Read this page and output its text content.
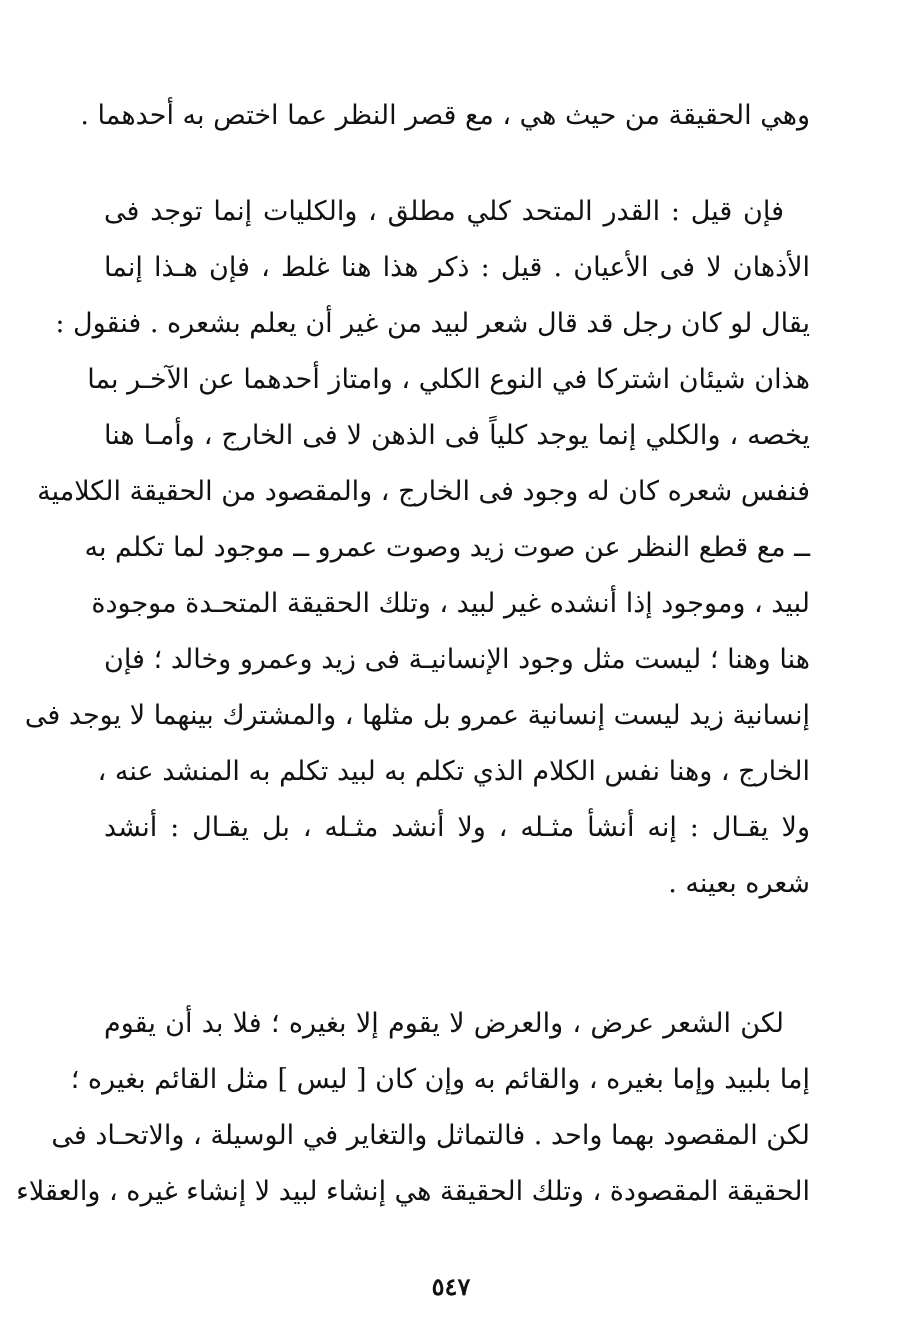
وهي الحقيقة من حيث هي ، مع قصر النظر عما اختص به أحدهما .
فإن قيل : القدر المتحد كلي مطلق ، والكليات إنما توجد فى
الأذهان لا فى الأعيان . قيل : ذكر هذا هنا غلط ، فإن هـذا إنما
يقال لو كان رجل قد قال شعر لبيد من غير أن يعلم بشعره . فنقول :
هذان شيئان اشتركا في النوع الكلي ، وامتاز أحدهما عن الآخـر بما
يخصه ، والكلي إنما يوجد كلياً فى الذهن لا فى الخارج ، وأمـا هنا
فنفس شعره كان له وجود فى الخارج ، والمقصود من الحقيقة الكلامية
ــ مع قطع النظر عن صوت زيد وصوت عمرو ــ موجود لما تكلم به
لبيد ، وموجود إذا أنشده غير لبيد ، وتلك الحقيقة المتحـدة موجودة
هنا وهنا ؛ ليست مثل وجود الإنسانيـة فى زيد وعمرو وخالد ؛ فإن
إنسانية زيد ليست إنسانية عمرو بل مثلها ، والمشترك بينهما لا يوجد فى
الخارج ، وهنا نفس الكلام الذي تكلم به لبيد تكلم به المنشد عنه ،
ولا يقـال : إنه أنشأ مثـله ، ولا أنشد مثـله ، بل يقـال : أنشد
شعره بعينه .
لكن الشعر عرض ، والعرض لا يقوم إلا بغيره ؛ فلا بد أن يقوم
إما بلبيد وإما بغيره ، والقائم به وإن كان [ ليس ] مثل القائم بغيره ؛
لكن المقصود بهما واحد . فالتماثل والتغاير في الوسيلة ، والاتحـاد فى
الحقيقة المقصودة ، وتلك الحقيقة هي إنشاء لبيد لا إنشاء غيره ، والعقلاء
٥٤٧
